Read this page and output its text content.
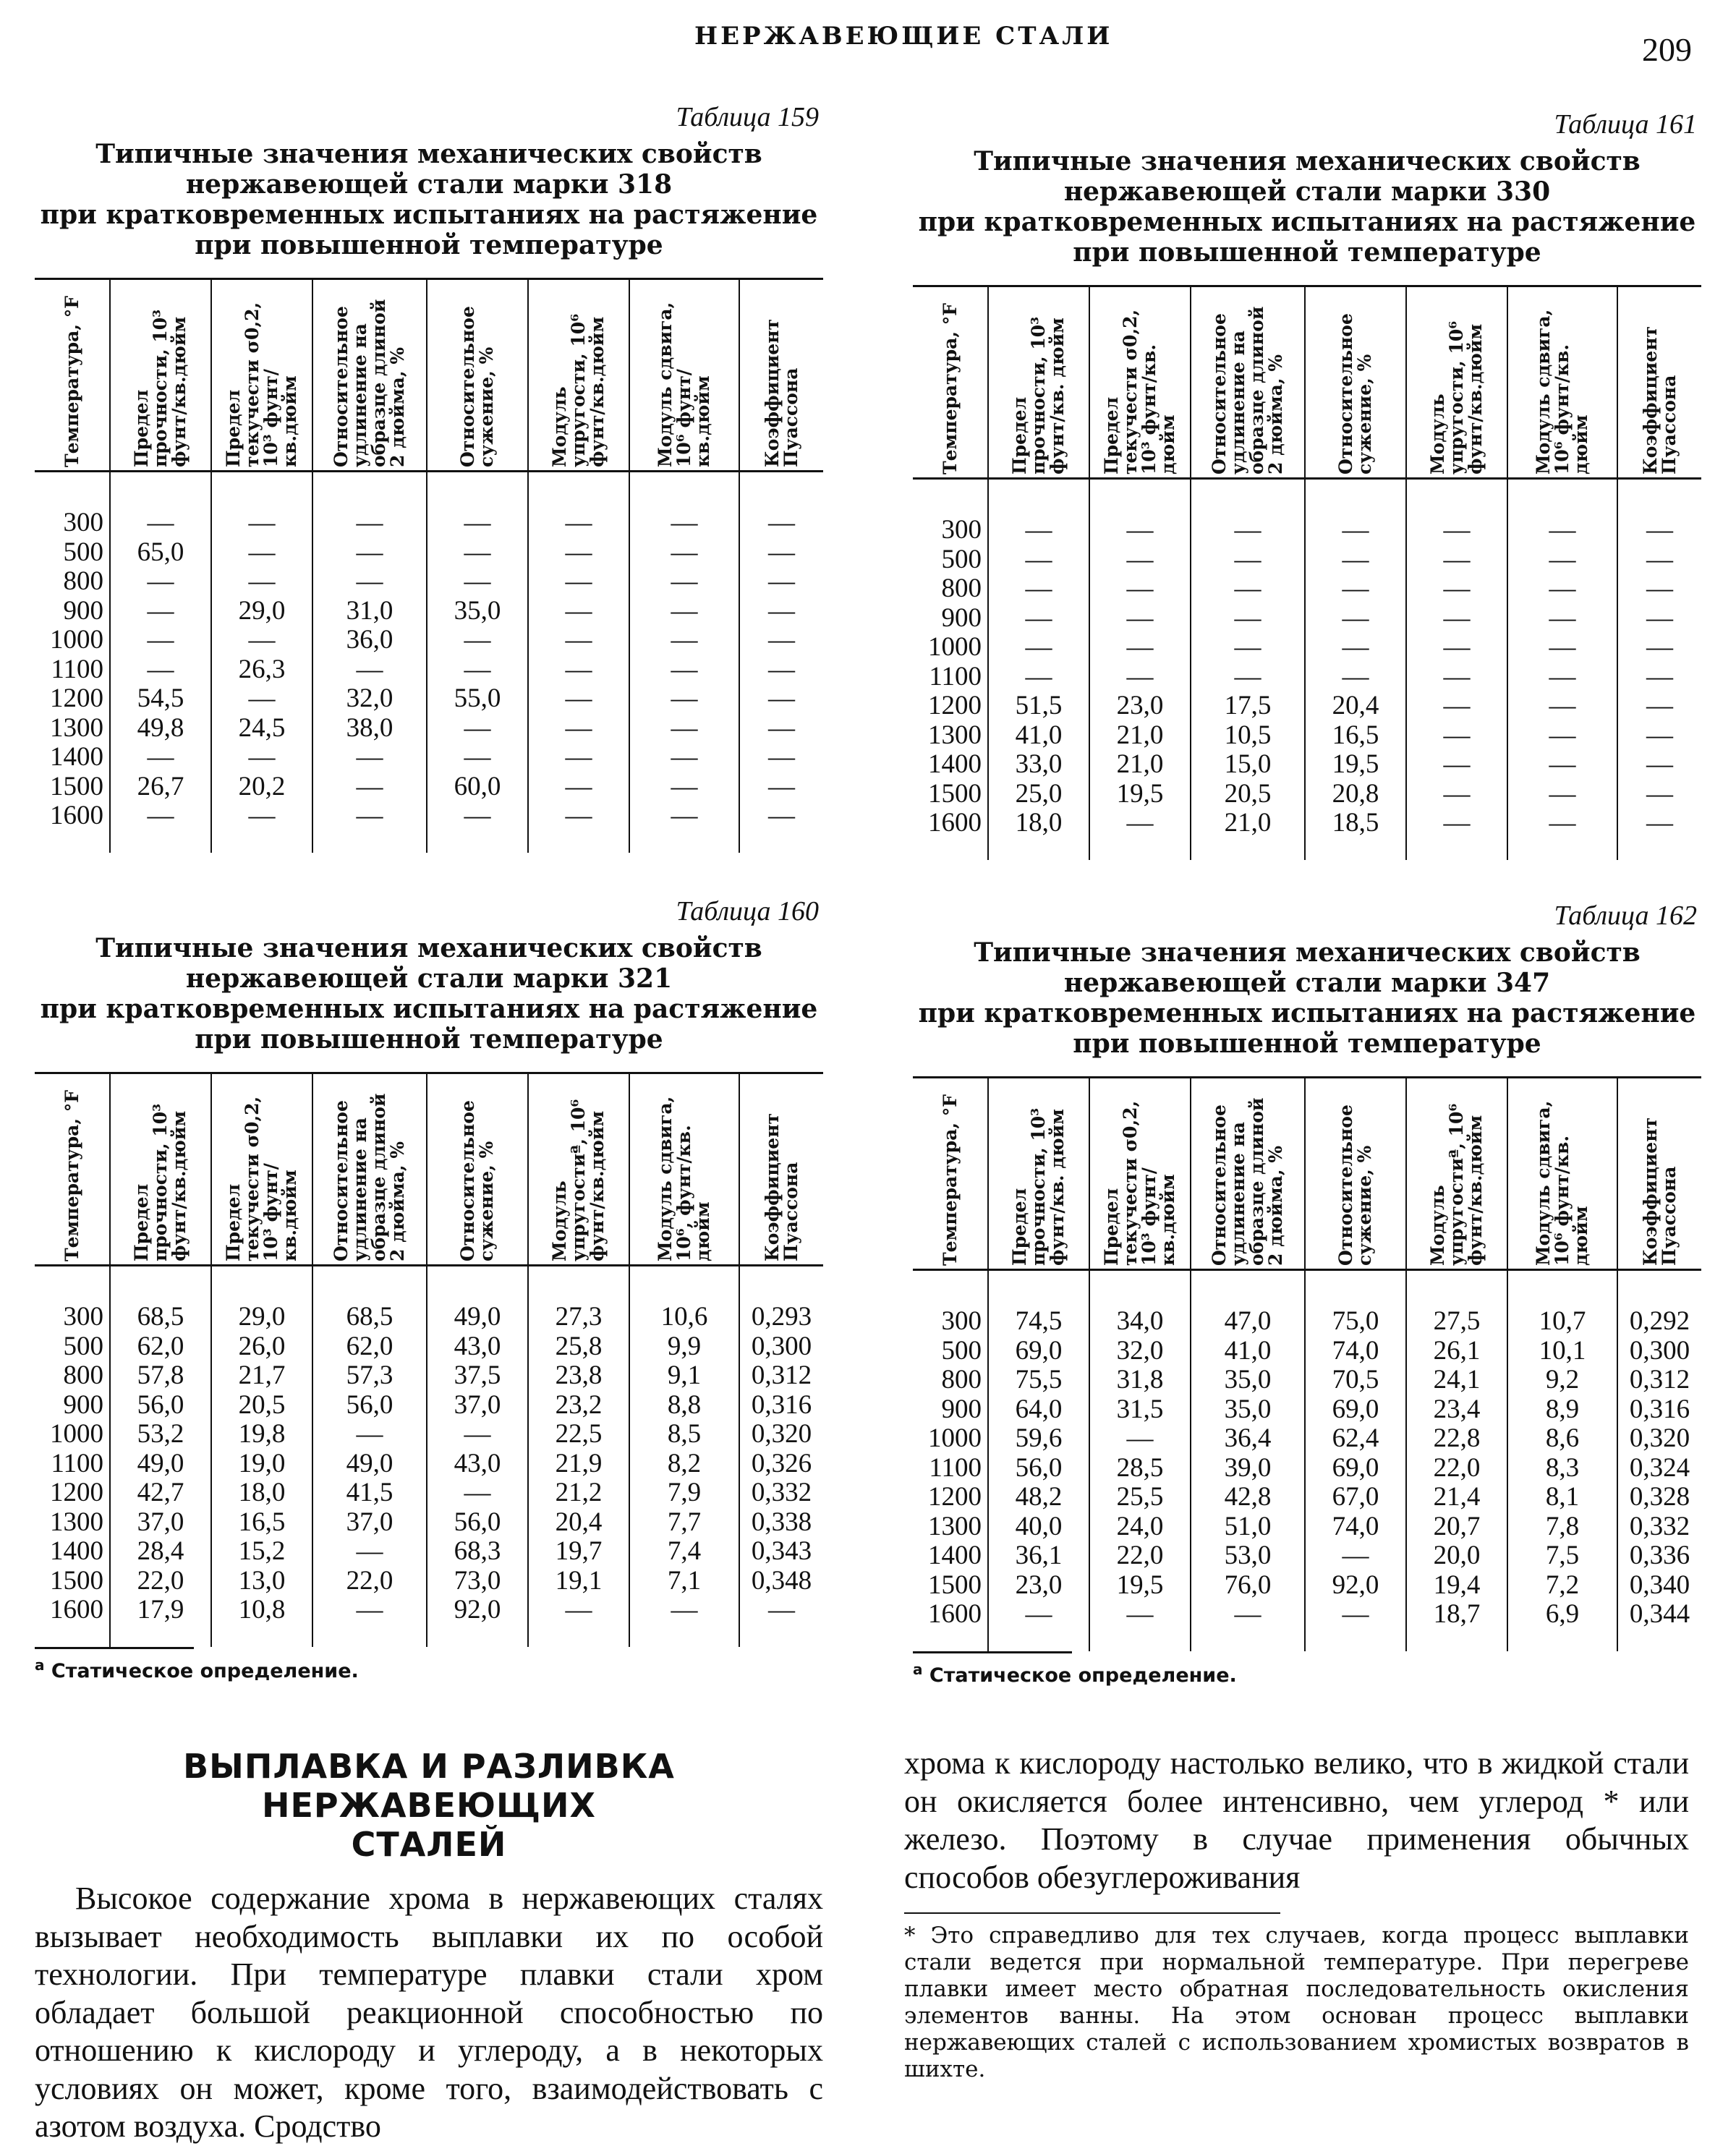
НЕРЖАВЕЮЩИЕ СТАЛИ	209
Таблица 159
Типичные значения механических свойств
нержавеющей стали марки 318
при кратковременных испытаниях на растяжение
при повышенной температуре
Температура, °F	Предел прочности, 10³ фунт/кв.дюйм	Предел текучести σ0,2, 10³ фунт/кв.дюйм	Относительное удлинение на образце длиной 2 дюйма, %	Относительное сужение, %	Модуль упругости, 10⁶ фунт/кв.дюйм	Модуль сдвига, 10⁶ фунт/кв.дюйм	Коэффициент Пуассона

300	—	—	—	—	—	—	—
500	65,0	—	—	—	—	—	—
800	—	—	—	—	—	—	—
900	—	29,0	31,0	35,0	—	—	—
1000	—	—	36,0	—	—	—	—
1100	—	26,3	—	—	—	—	—
1200	54,5	—	32,0	55,0	—	—	—
1300	49,8	24,5	38,0	—	—	—	—
1400	—	—	—	—	—	—	—
1500	26,7	20,2	—	60,0	—	—	—
1600	—	—	—	—	—	—	—

Таблица 161
Типичные значения механических свойств
нержавеющей стали марки 330
при кратковременных испытаниях на растяжение
при повышенной температуре
Температура, °F	Предел прочности, 10³ фунт/кв. дюйм	Предел текучести σ0,2, 10³ фунт/кв. дюйм	Относительное удлинение на образце длиной 2 дюйма, %	Относительное сужение, %	Модуль упругости, 10⁶ фунт/кв.дюйм	Модуль сдвига, 10⁶ фунт/кв. дюйм	Коэффициент Пуассона

300	—	—	—	—	—	—	—
500	—	—	—	—	—	—	—
800	—	—	—	—	—	—	—
900	—	—	—	—	—	—	—
1000	—	—	—	—	—	—	—
1100	—	—	—	—	—	—	—
1200	51,5	23,0	17,5	20,4	—	—	—
1300	41,0	21,0	10,5	16,5	—	—	—
1400	33,0	21,0	15,0	19,5	—	—	—
1500	25,0	19,5	20,5	20,8	—	—	—
1600	18,0	—	21,0	18,5	—	—	—

Таблица 160
Типичные значения механических свойств
нержавеющей стали марки 321
при кратковременных испытаниях на растяжение
при повышенной температуре
Температура, °F	Предел прочности, 10³ фунт/кв.дюйм	Предел текучести σ0,2, 10³ фунт/кв.дюйм	Относительное удлинение на образце длиной 2 дюйма, %	Относительное сужение, %	Модуль упругостиª, 10⁶ фунт/кв.дюйм	Модуль сдвига, 10⁶, фунт/кв. дюйм	Коэффициент Пуассона

300	68,5	29,0	68,5	49,0	27,3	10,6	0,293
500	62,0	26,0	62,0	43,0	25,8	9,9	0,300
800	57,8	21,7	57,3	37,5	23,8	9,1	0,312
900	56,0	20,5	56,0	37,0	23,2	8,8	0,316
1000	53,2	19,8	—	—	22,5	8,5	0,320
1100	49,0	19,0	49,0	43,0	21,9	8,2	0,326
1200	42,7	18,0	41,5	—	21,2	7,9	0,332
1300	37,0	16,5	37,0	56,0	20,4	7,7	0,338
1400	28,4	15,2	—	68,3	19,7	7,4	0,343
1500	22,0	13,0	22,0	73,0	19,1	7,1	0,348
1600	17,9	10,8	—	92,0	—	—	—

$^а$ Статическое определение.
Таблица 162
Типичные значения механических свойств
нержавеющей стали марки 347
при кратковременных испытаниях на растяжение
при повышенной температуре
Температура, °F	Предел прочности, 10³ фунт/кв. дюйм	Предел текучести σ0,2, 10³ фунт/кв.дюйм	Относительное удлинение на образце длиной 2 дюйма, %	Относительное сужение, %	Модуль упругостиª, 10⁶ фунт/кв.дюйм	Модуль сдвига, 10⁶ фунт/кв. дюйм	Коэффициент Пуассона

300	74,5	34,0	47,0	75,0	27,5	10,7	0,292
500	69,0	32,0	41,0	74,0	26,1	10,1	0,300
800	75,5	31,8	35,0	70,5	24,1	9,2	0,312
900	64,0	31,5	35,0	69,0	23,4	8,9	0,316
1000	59,6	—	36,4	62,4	22,8	8,6	0,320
1100	56,0	28,5	39,0	69,0	22,0	8,3	0,324
1200	48,2	25,5	42,8	67,0	21,4	8,1	0,328
1300	40,0	24,0	51,0	74,0	20,7	7,8	0,332
1400	36,1	22,0	53,0	—	20,0	7,5	0,336
1500	23,0	19,5	76,0	92,0	19,4	7,2	0,340
1600	—	—	—	—	18,7	6,9	0,344

$^а$ Статическое определение.
ВЫПЛАВКА И РАЗЛИВКА НЕРЖАВЕЮЩИХ
СТАЛЕЙ
Высокое содержание хрома в нержавеющих сталях вызывает необходимость выплавки их по особой технологии. При температуре плавки стали хром обладает большой реакционной способностью по отношению к кислороду и углероду, а в некоторых условиях он может, кроме того, взаимодействовать с азотом воздуха. Сродство
хрома к кислороду настолько велико, что в жидкой стали он окисляется более интенсивно, чем углерод * или железо. Поэтому в случае применения обычных способов обезуглероживания
* Это справедливо для тех случаев, когда процесс выплавки стали ведется при нормальной температуре. При перегреве плавки имеет место обратная последовательность окисления элементов ванны. На этом основан процесс выплавки нержавеющих сталей с использованием хромистых возвратов в шихте.
